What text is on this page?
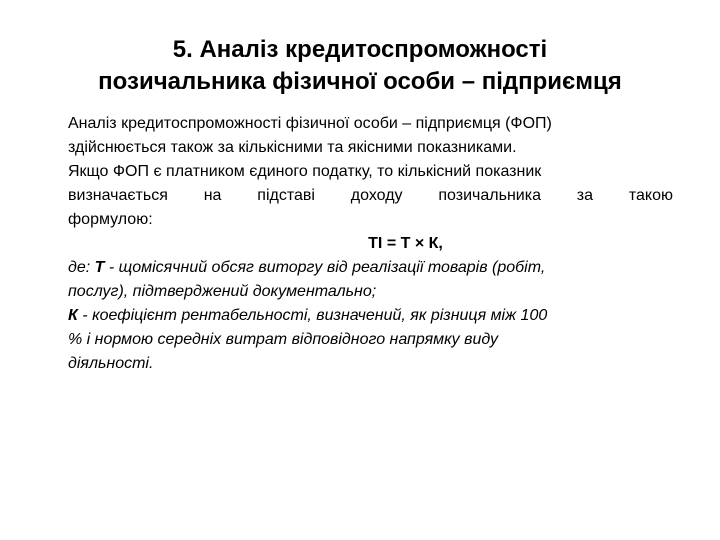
5. Аналіз кредитоспроможності
позичальника фізичної особи – підприємця

Аналіз кредитоспроможності фізичної особи – підприємця (ФОП)
здійснюється також за кількісними та якісними показниками.

Якщо ФОП є платником єдиного податку, то кількісний показник
визначається на підставі доходу позичальника за такою
формулою:

ТІ = Т × К,

де: Т - щомісячний обсяг виторгу від реалізації товарів (робіт,
послуг), підтверджений документально;

К - коефіцієнт рентабельності, визначений, як різниця між 100
% і нормою середніх витрат відповідного напрямку виду
діяльності.
